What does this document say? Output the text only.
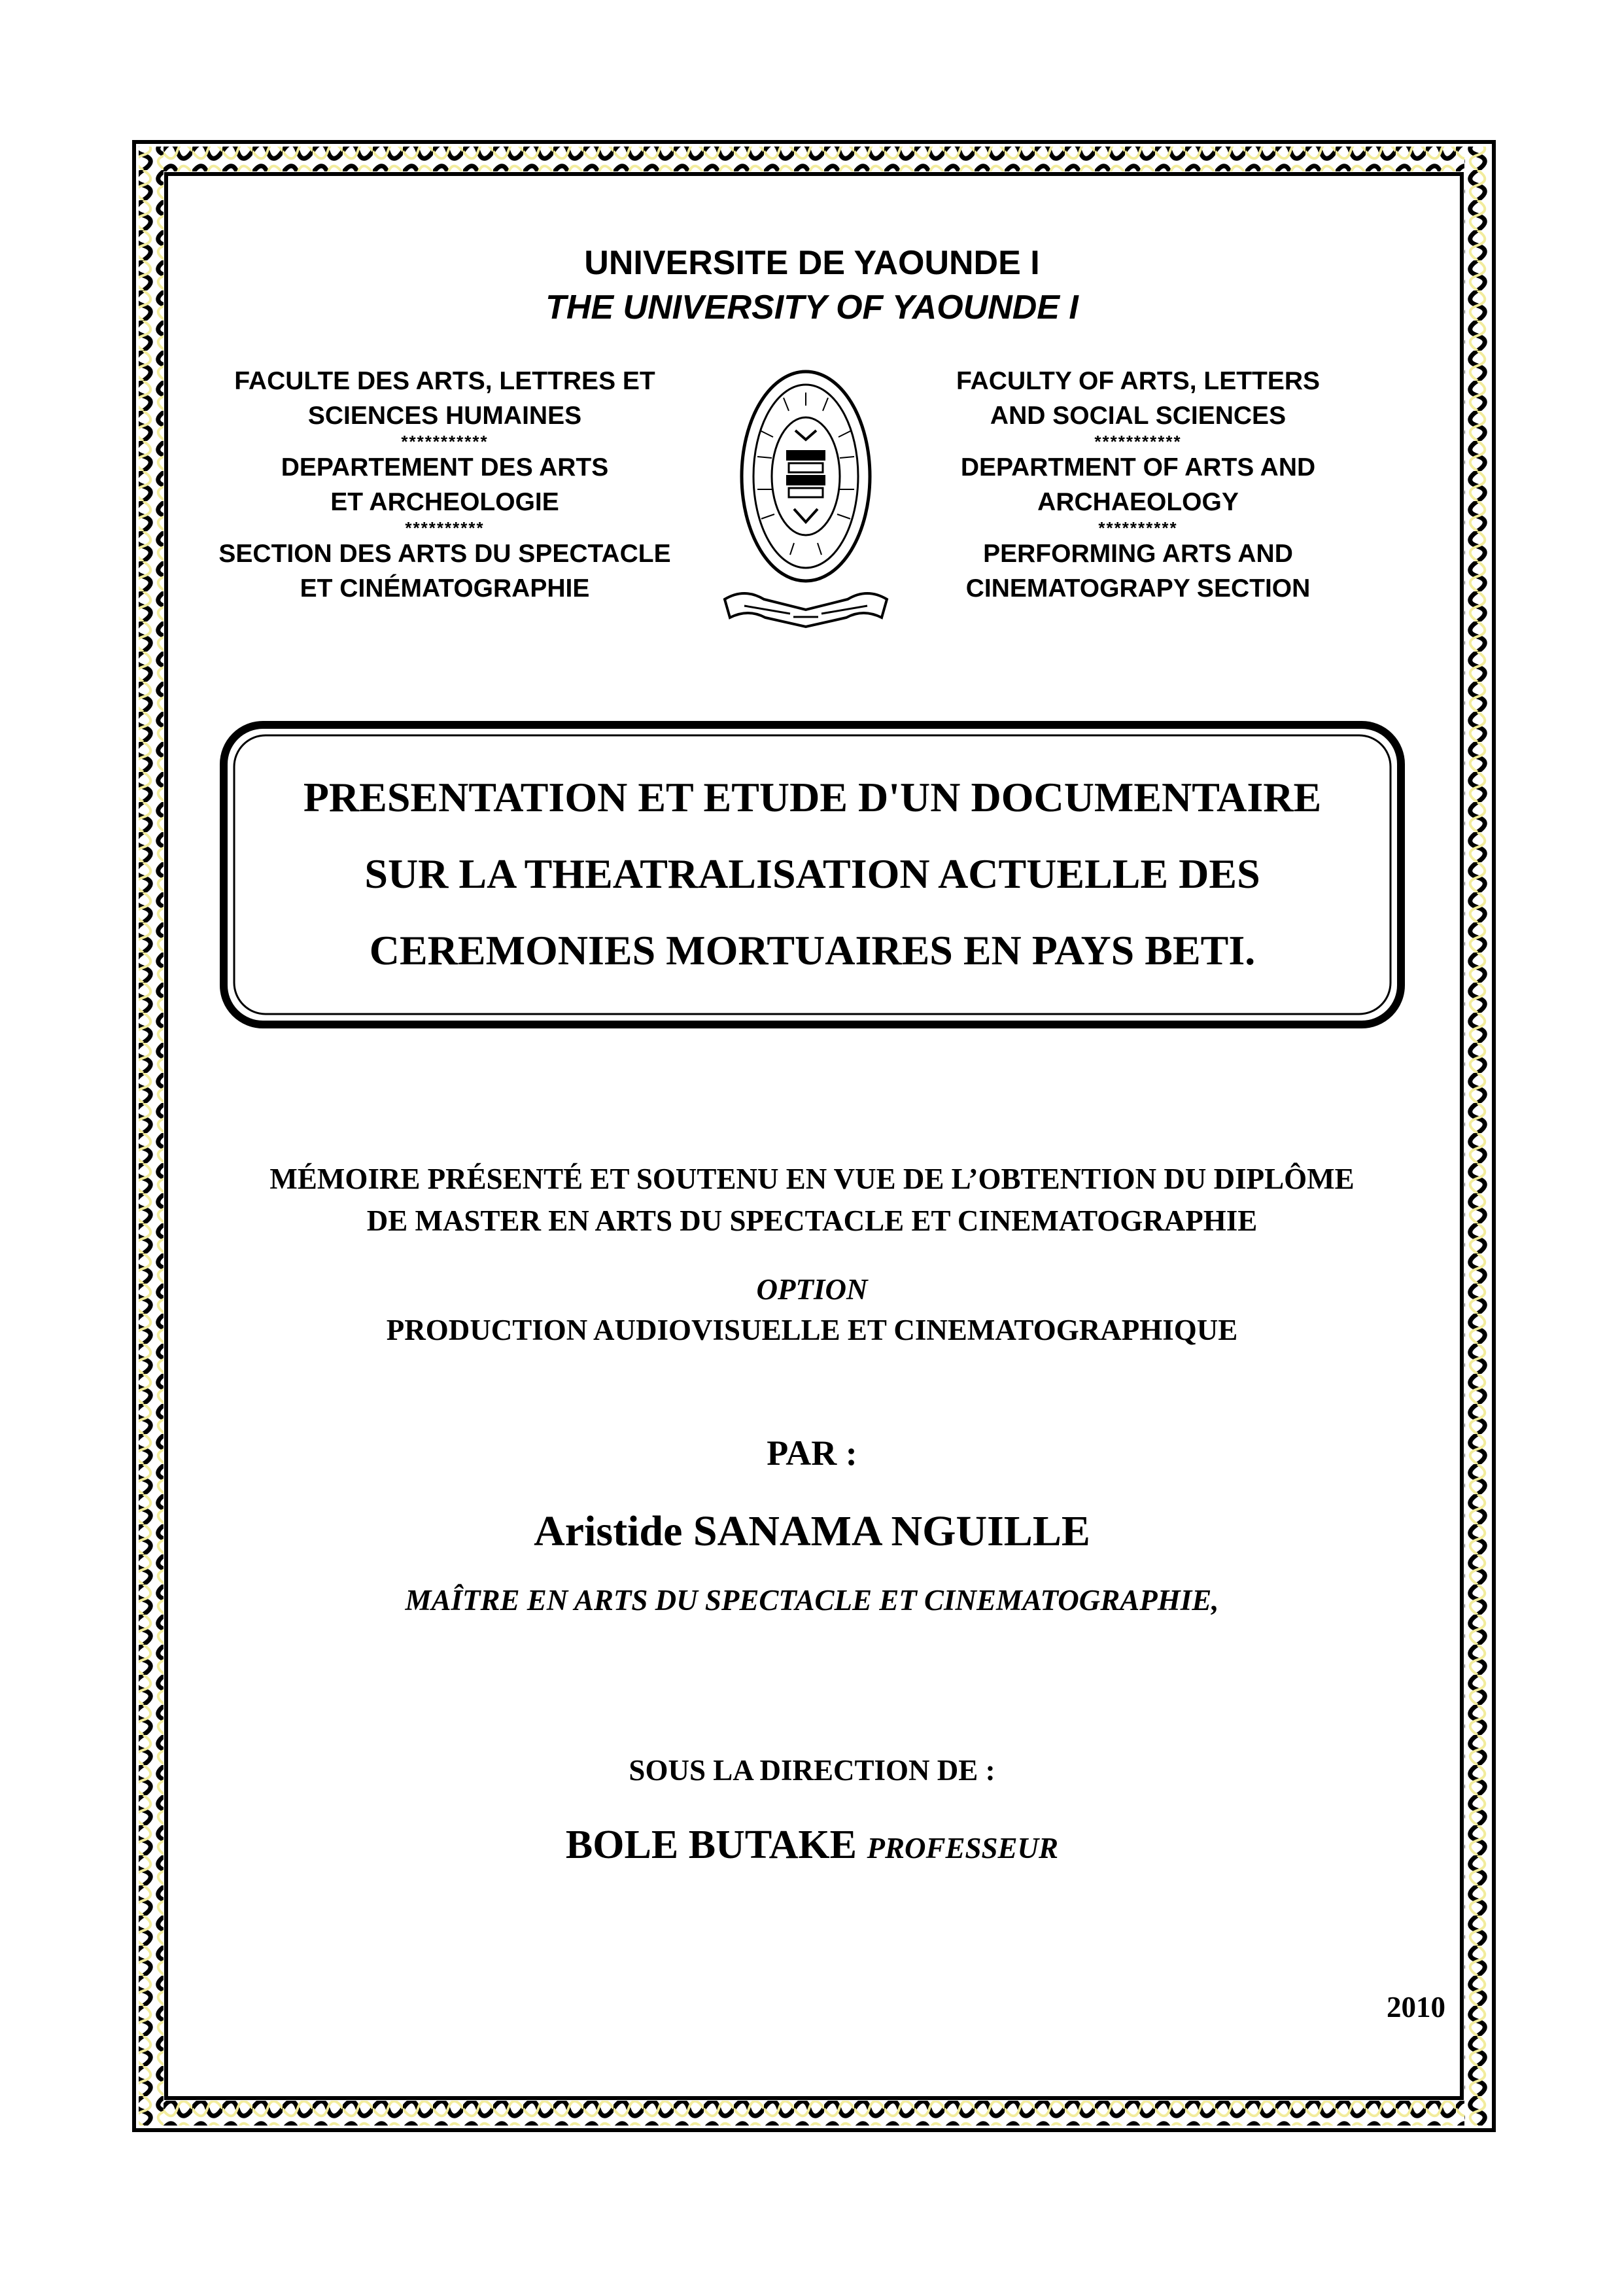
UNIVERSITE DE YAOUNDE I
THE UNIVERSITY OF YAOUNDE I
FACULTE DES ARTS, LETTRES ET
SCIENCES HUMAINES
***********
DEPARTEMENT DES ARTS
ET ARCHEOLOGIE
**********
SECTION DES ARTS DU SPECTACLE
ET CINÉMATOGRAPHIE
FACULTY OF ARTS, LETTERS
AND SOCIAL SCIENCES
***********
DEPARTMENT OF ARTS AND
ARCHAEOLOGY
**********
PERFORMING ARTS AND
CINEMATOGRAPY SECTION
PRESENTATION ET ETUDE D'UN DOCUMENTAIRE
SUR LA THEATRALISATION ACTUELLE DES
CEREMONIES MORTUAIRES EN PAYS BETI.
MÉMOIRE PRÉSENTÉ ET SOUTENU EN VUE DE L’OBTENTION DU DIPLÔME
DE MASTER EN ARTS DU SPECTACLE ET CINEMATOGRAPHIE
OPTION
PRODUCTION AUDIOVISUELLE ET CINEMATOGRAPHIQUE
PAR :
Aristide SANAMA NGUILLE
MAÎTRE EN ARTS DU SPECTACLE ET CINEMATOGRAPHIE,
SOUS LA DIRECTION DE :
BOLE BUTAKE PROFESSEUR
2010
